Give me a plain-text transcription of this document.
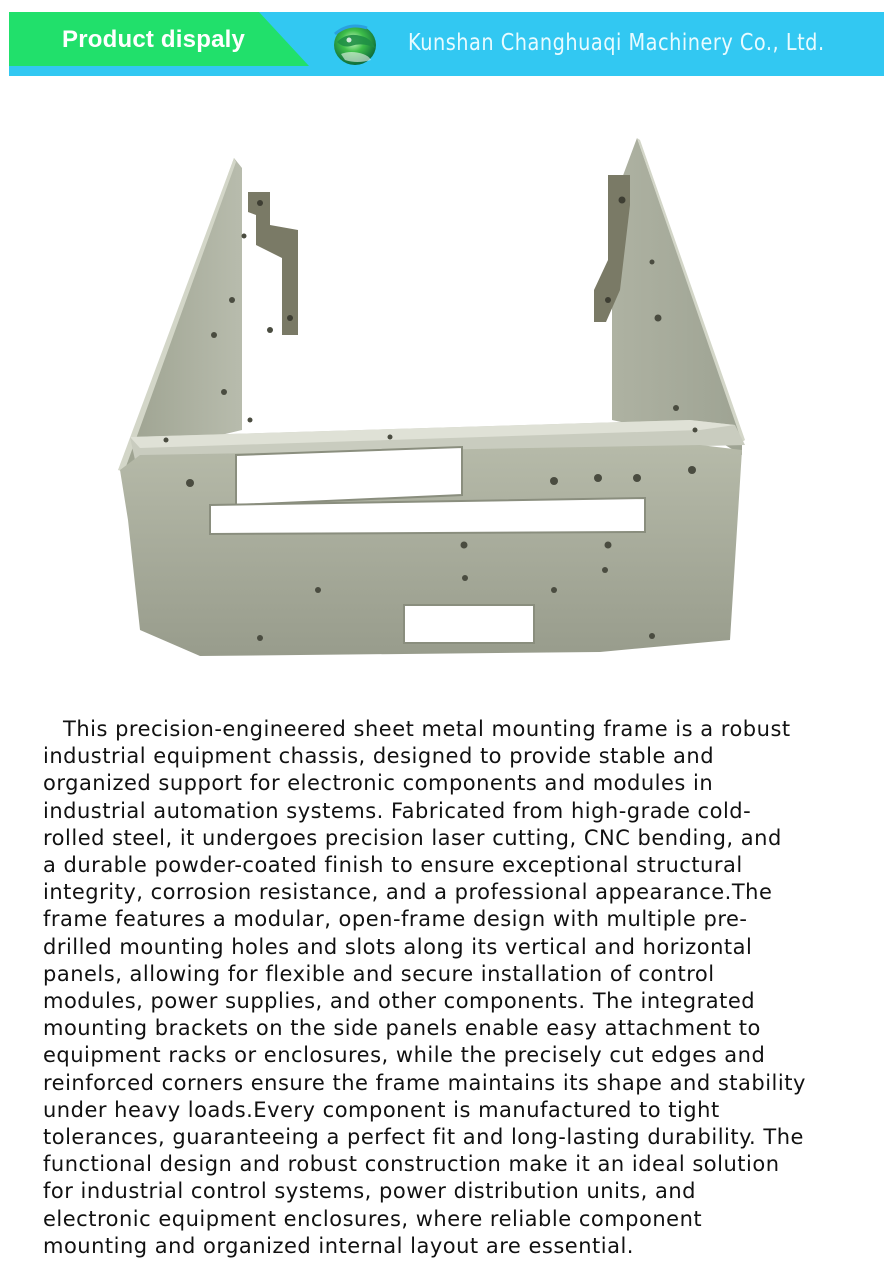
Product dispaly	Kunshan Changhuaqi Machinery Co., Ltd.

This precision-engineered sheet metal mounting frame is a robust
industrial equipment chassis, designed to provide stable and
organized support for electronic components and modules in
industrial automation systems. Fabricated from high-grade cold-
rolled steel, it undergoes precision laser cutting, CNC bending, and
a durable powder-coated finish to ensure exceptional structural
integrity, corrosion resistance, and a professional appearance.The
frame features a modular, open-frame design with multiple pre-
drilled mounting holes and slots along its vertical and horizontal
panels, allowing for flexible and secure installation of control
modules, power supplies, and other components. The integrated
mounting brackets on the side panels enable easy attachment to
equipment racks or enclosures, while the precisely cut edges and
reinforced corners ensure the frame maintains its shape and stability
under heavy loads.Every component is manufactured to tight
tolerances, guaranteeing a perfect fit and long-lasting durability. The
functional design and robust construction make it an ideal solution
for industrial control systems, power distribution units, and
electronic equipment enclosures, where reliable component
mounting and organized internal layout are essential.
